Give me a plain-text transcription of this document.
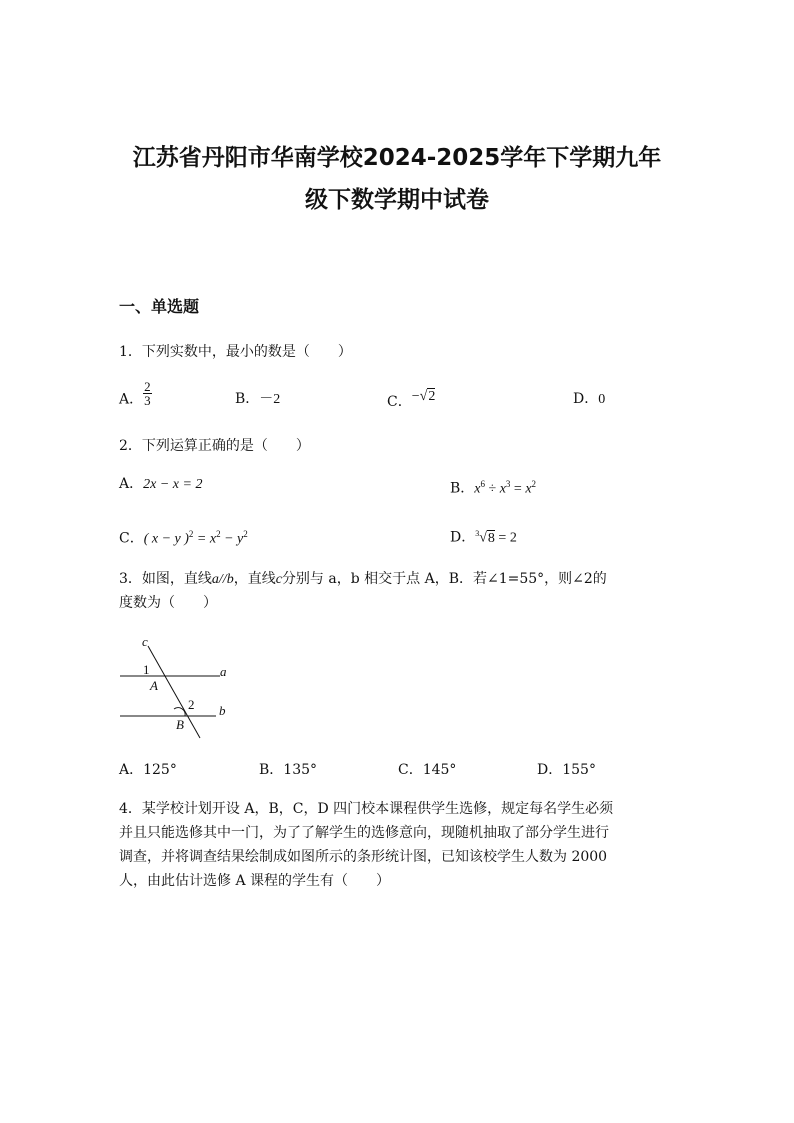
江苏省丹阳市华南学校2024-2025学年下学期九年
级下数学期中试卷
一、单选题
1．下列实数中，最小的数是（　　）
A． $\frac{2}{3}$	B．－2	C．−√2	D．0
2．下列运算正确的是（　　）
A．2x − x = 2	B．$x^6 \div x^3 = x^2$
C．( x − y )$^2 = x^2 - y^2$	D．$^3$√8 = 2
3．如图，直线a//b，直线c分别与 a，b 相交于点 A，B．若∠1=55°，则∠2的
度数为（　　）
c
1	a
A
2 b
B
A．125°	B．135°	C．145°	D．155°
4．某学校计划开设 A，B，C，D 四门校本课程供学生选修，规定每名学生必须
并且只能选修其中一门，为了了解学生的选修意向，现随机抽取了部分学生进行
调查，并将调查结果绘制成如图所示的条形统计图，已知该校学生人数为 2000
人，由此估计选修 A 课程的学生有（　　）
